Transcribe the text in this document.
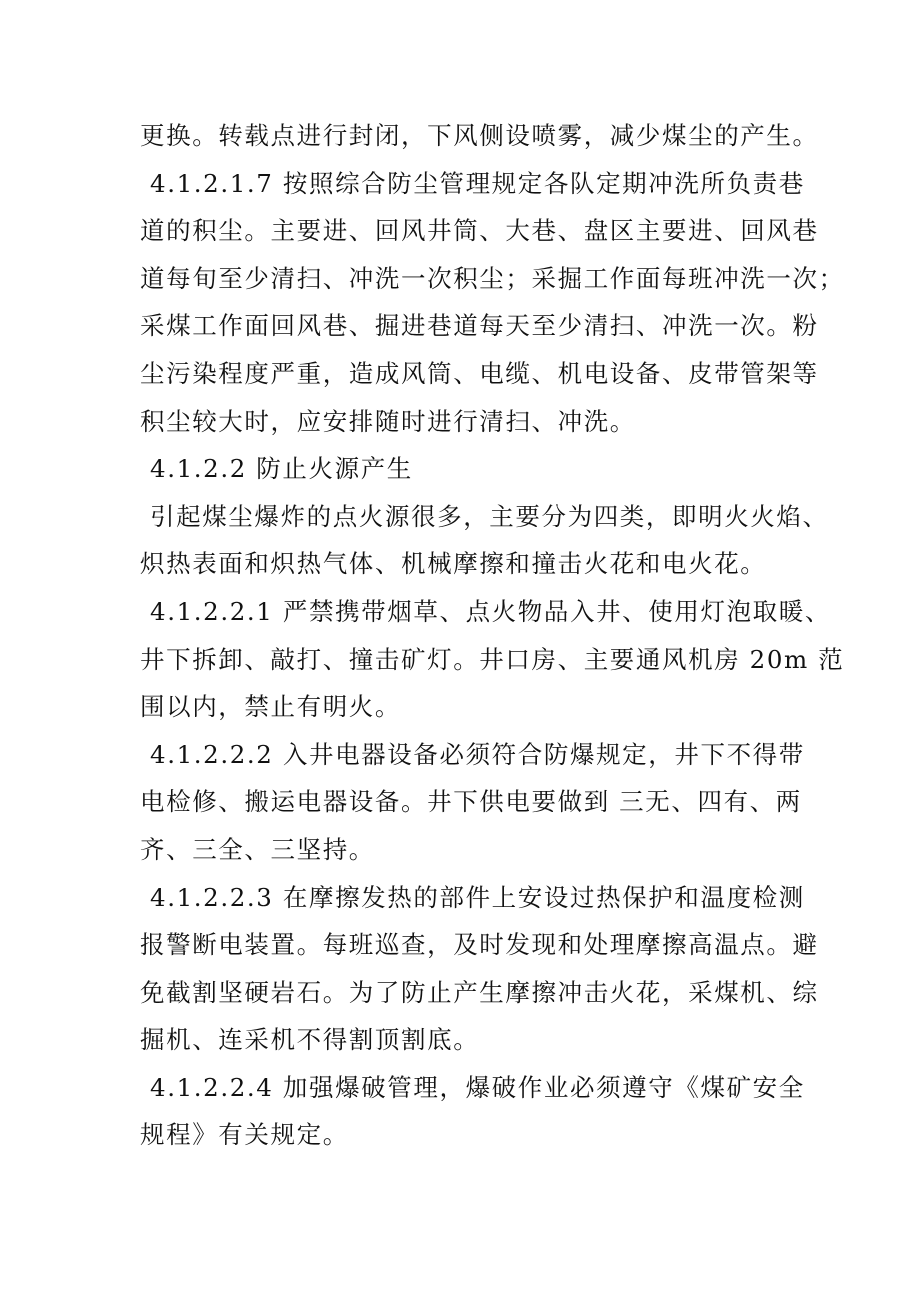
更换。转载点进行封闭，下风侧设喷雾，减少煤尘的产生。
4.1.2.1.7 按照综合防尘管理规定各队定期冲洗所负责巷
道的积尘。主要进、回风井筒、大巷、盘区主要进、回风巷
道每旬至少清扫、冲洗一次积尘；采掘工作面每班冲洗一次；
采煤工作面回风巷、掘进巷道每天至少清扫、冲洗一次。粉
尘污染程度严重，造成风筒、电缆、机电设备、皮带管架等
积尘较大时，应安排随时进行清扫、冲洗。
4.1.2.2 防止火源产生
引起煤尘爆炸的点火源很多，主要分为四类，即明火火焰、
炽热表面和炽热气体、机械摩擦和撞击火花和电火花。
4.1.2.2.1 严禁携带烟草、点火物品入井、使用灯泡取暖、
井下拆卸、敲打、撞击矿灯。井口房、主要通风机房 20m 范
围以内，禁止有明火。
4.1.2.2.2 入井电器设备必须符合防爆规定，井下不得带
电检修、搬运电器设备。井下供电要做到 三无、四有、两
齐、三全、三坚持。
4.1.2.2.3 在摩擦发热的部件上安设过热保护和温度检测
报警断电装置。每班巡查，及时发现和处理摩擦高温点。避
免截割坚硬岩石。为了防止产生摩擦冲击火花，采煤机、综
掘机、连采机不得割顶割底。
4.1.2.2.4 加强爆破管理，爆破作业必须遵守《煤矿安全
规程》有关规定。
